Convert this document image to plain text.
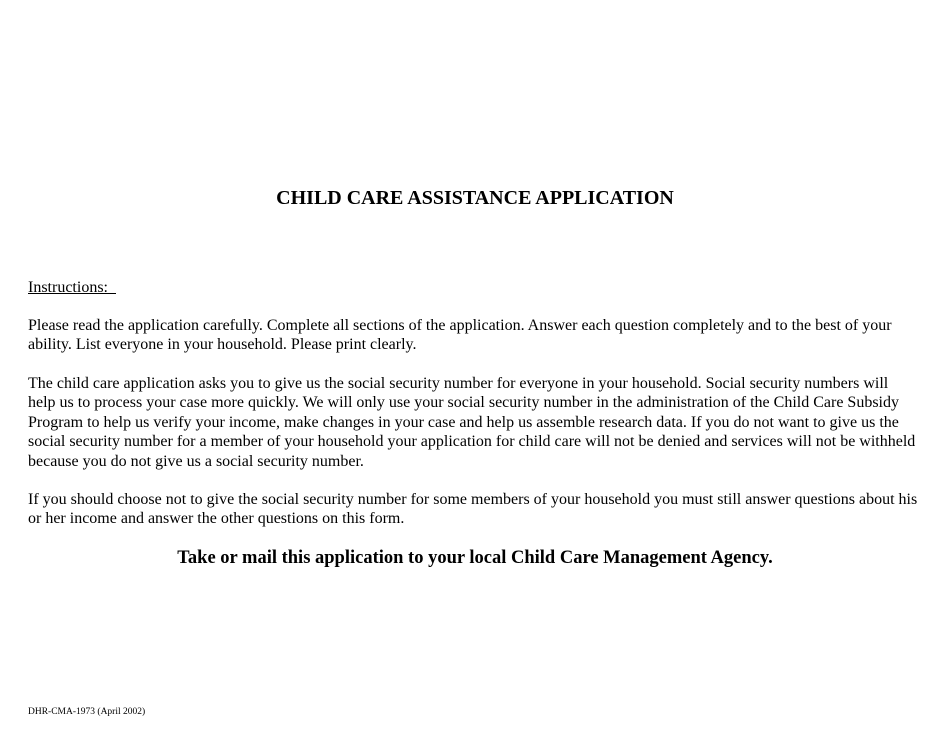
CHILD CARE ASSISTANCE APPLICATION
Instructions:

Please read the application carefully. Complete all sections of the application. Answer each question completely and to the best of your ability. List everyone in your household. Please print clearly.

The child care application asks you to give us the social security number for everyone in your household. Social security numbers will help us to process your case more quickly. We will only use your social security number in the administration of the Child Care Subsidy Program to help us verify your income, make changes in your case and help us assemble research data. If you do not want to give us the social security number for a member of your household your application for child care will not be denied and services will not be withheld because you do not give us a social security number.

If you should choose not to give the social security number for some members of your household you must still answer questions about his or her income and answer the other questions on this form.

Take or mail this application to your local Child Care Management Agency.

DHR-CMA-1973 (April 2002)
